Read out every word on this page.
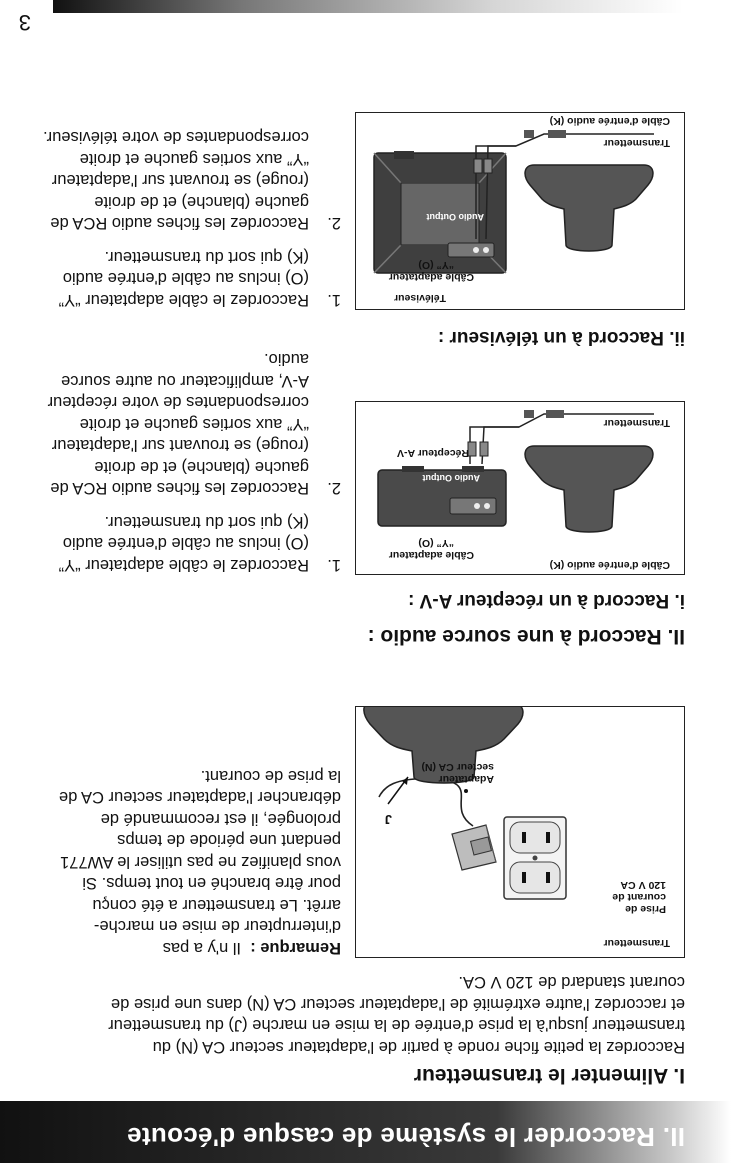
II. Raccorder le système de casque d'écoute
I. Alimenter le transmetteur
Raccordez la petite fiche ronde à partir de l'adaptateur secteur CA (N) du
transmetteur jusqu'à la prise d'entrée de la mise en marche (J) du transmetteur
et raccordez l'autre extrémité de l'adaptateur secteur CA (N) dans une prise de
courant standard de 120 V CA.
Transmetteur
Prise de
courant de
120 V CA
Adaptateur
secteur CA (N)
J
Remarque :  Il n'y a pas
d'interrupteur de mise en marche-
arrêt. Le transmetteur a été conçu
pour être branché en tout temps. Si
vous planifiez ne pas utiliser le AW771
pendant une période de temps
prolongée, il est recommandé de
débrancher l'adaptateur secteur CA de
la prise de courant.
II. Raccord à une source audio :
i. Raccord à un récepteur A-V :
Transmetteur
Récepteur A-V
Audio Output
Câble adaptateur
“Y” (O)
Câble d'entrée audio (K)
1.
Raccordez le câble adaptateur “Y”
(O) inclus au câble d'entrée audio
(K) qui sort du transmetteur.
2.
Raccordez les fiches audio RCA de
gauche (blanche) et de droite
(rouge) se trouvant sur l'adaptateur
“Y” aux sorties gauche et droite
correspondantes de votre récepteur
A-V, amplificateur ou autre source
audio.
ii. Raccord à un téléviseur :
Transmetteur
Téléviseur
Audio Output
Câble adaptateur
“Y” (O)
Câble d'entrée audio (K)
1.
Raccordez le câble adaptateur “Y”
(O) inclus au câble d'entrée audio
(K) qui sort du transmetteur.
2.
Raccordez les fiches audio RCA de
gauche (blanche) et de droite
(rouge) se trouvant sur l'adaptateur
“Y” aux sorties gauche et droite
correspondantes de votre téléviseur.
3
